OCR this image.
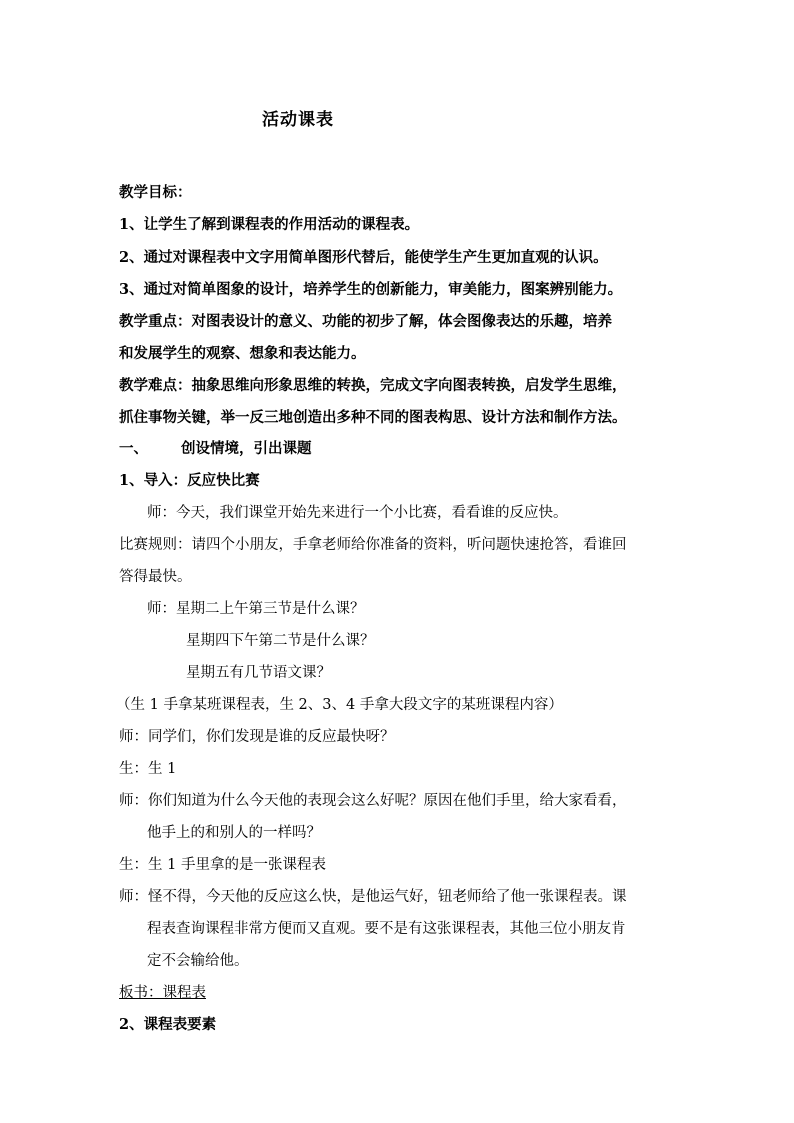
活动课表
教学目标：
1、让学生了解到课程表的作用活动的课程表。
2、通过对课程表中文字用简单图形代替后，能使学生产生更加直观的认识。
3、通过对简单图象的设计，培养学生的创新能力，审美能力，图案辨别能力。
教学重点：对图表设计的意义、功能的初步了解，体会图像表达的乐趣，培养
和发展学生的观察、想象和表达能力。
教学难点：抽象思维向形象思维的转换，完成文字向图表转换，启发学生思维，
抓住事物关键，举一反三地创造出多种不同的图表构思、设计方法和制作方法。
一、 创设情境，引出课题
1、导入：反应快比赛
师：今天，我们课堂开始先来进行一个小比赛，看看谁的反应快。
比赛规则：请四个小朋友，手拿老师给你准备的资料，听问题快速抢答，看谁回
答得最快。
师：星期二上午第三节是什么课？
星期四下午第二节是什么课？
星期五有几节语文课？
（生 1 手拿某班课程表，生 2、3、4 手拿大段文字的某班课程内容）
师：同学们，你们发现是谁的反应最快呀？
生：生 1
师：你们知道为什么今天他的表现会这么好呢？原因在他们手里，给大家看看，
他手上的和别人的一样吗？
生：生 1 手里拿的是一张课程表
师：怪不得，今天他的反应这么快，是他运气好，钮老师给了他一张课程表。课
程表查询课程非常方便而又直观。要不是有这张课程表，其他三位小朋友肯
定不会输给他。
板书：课程表
2、课程表要素
